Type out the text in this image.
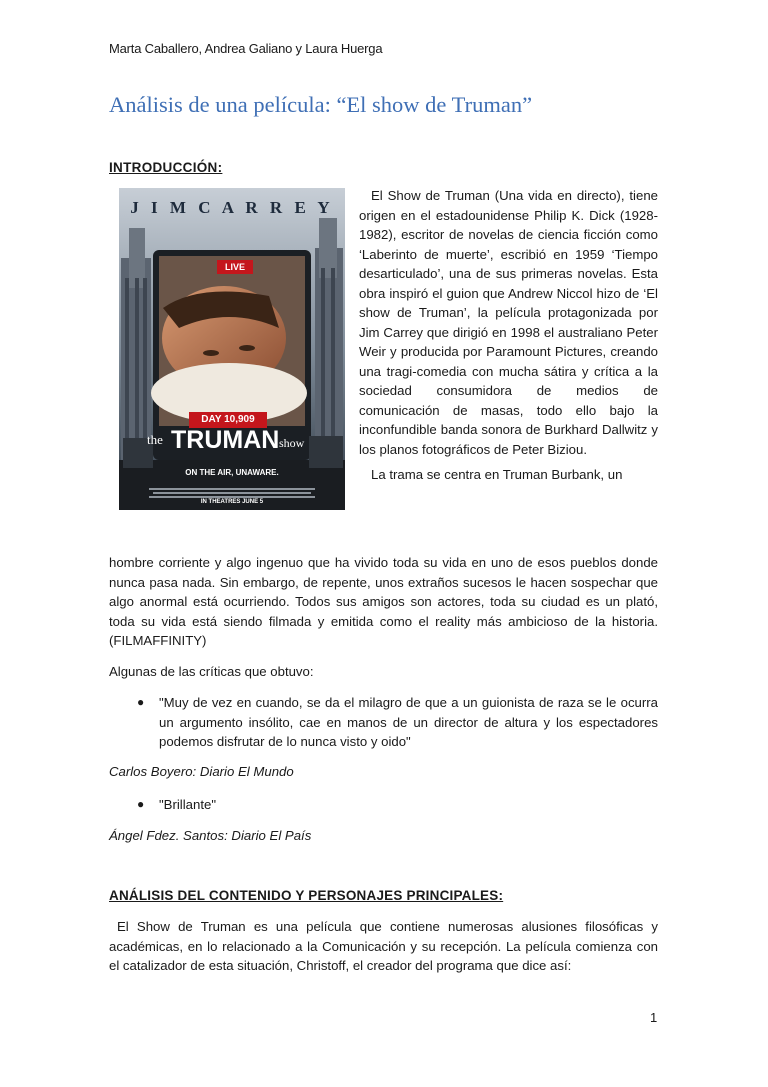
Marta Caballero, Andrea Galiano y Laura Huerga
Análisis de una película: “El show de Truman”
INTRODUCCIÓN:
J I M C A R R E Y
LIVE
DAY 10,909
the TRUMAN show
ON THE AIR, UNAWARE.
IN THEATRES JUNE 5

El Show de Truman (Una vida en directo), tiene origen en el estadounidense Philip K. Dick (1928-1982), escritor de novelas de ciencia ficción como ‘Laberinto de muerte’, escribió en 1959 ‘Tiempo desarticulado’, una de sus primeras novelas. Esta obra inspiró el guion que Andrew Niccol hizo de ‘El show de Truman’, la película protagonizada por Jim Carrey que dirigió en 1998 el australiano Peter Weir y producida por Paramount Pictures, creando una tragi-comedia con mucha sátira y crítica a la sociedad consumidora de medios de comunicación de masas, todo ello bajo la inconfundible banda sonora de Burkhard Dallwitz y los planos fotográficos de Peter Biziou.

La trama se centra en Truman Burbank, un

hombre corriente y algo ingenuo que ha vivido toda su vida en uno de esos pueblos donde nunca pasa nada. Sin embargo, de repente, unos extraños sucesos le hacen sospechar que algo anormal está ocurriendo. Todos sus amigos son actores, toda su ciudad es un plató, toda su vida está siendo filmada y emitida como el reality más ambicioso de la historia. (FILMAFFINITY)

Algunas de las críticas que obtuvo:
● "Muy de vez en cuando, se da el milagro de que a un guionista de raza se le ocurra un argumento insólito, cae en manos de un director de altura y los espectadores podemos disfrutar de lo nunca visto y oido"
Carlos Boyero: Diario El Mundo
● "Brillante"
Ángel Fdez. Santos: Diario El País
ANÁLISIS DEL CONTENIDO Y PERSONAJES PRINCIPALES:

El Show de Truman es una película que contiene numerosas alusiones filosóficas y académicas, en lo relacionado a la Comunicación y su recepción. La película comienza con el catalizador de esta situación, Christoff, el creador del programa que dice así:

1
